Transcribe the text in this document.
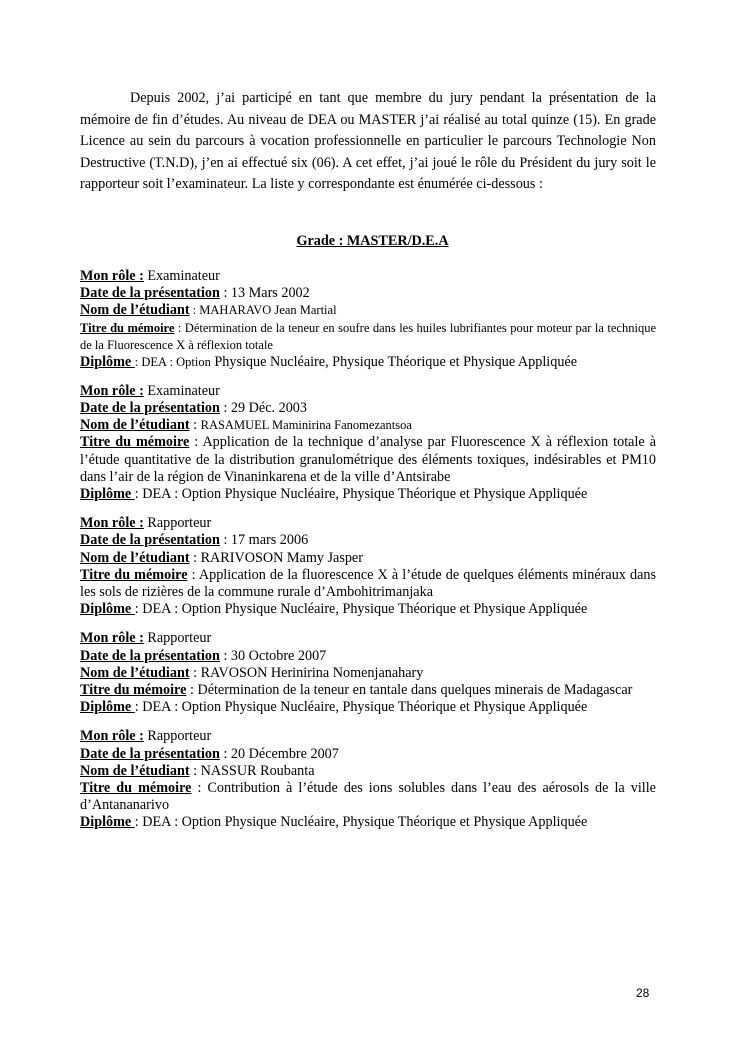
Depuis 2002, j’ai participé en tant que membre du jury pendant la présentation de la mémoire de fin d’études. Au niveau de DEA ou MASTER j’ai réalisé au total quinze (15). En grade Licence au sein du parcours à vocation professionnelle en particulier le parcours Technologie Non Destructive (T.N.D), j’en ai effectué six (06). A cet effet, j’ai joué le rôle du Président du jury soit le rapporteur soit l’examinateur. La liste y correspondante est énumérée ci-dessous :

Grade : MASTER/D.E.A
Mon rôle : Examinateur
Date de la présentation : 13 Mars 2002
Nom de l’étudiant : MAHARAVO Jean Martial
Titre du mémoire : Détermination de la teneur en soufre dans les huiles lubrifiantes pour moteur par la technique de la Fluorescence X à réflexion totale
Diplôme : DEA : Option Physique Nucléaire, Physique Théorique et Physique Appliquée
Mon rôle : Examinateur
Date de la présentation : 29 Déc. 2003
Nom de l’étudiant : RASAMUEL Maminirina Fanomezantsoa
Titre du mémoire : Application de la technique d’analyse par Fluorescence X à réflexion totale à l’étude quantitative de la distribution granulométrique des éléments toxiques, indésirables et PM10 dans l’air de la région de Vinaninkarena et de la ville d’Antsirabe
Diplôme : DEA : Option Physique Nucléaire, Physique Théorique et Physique Appliquée
Mon rôle : Rapporteur
Date de la présentation : 17 mars 2006
Nom de l’étudiant : RARIVOSON Mamy Jasper
Titre du mémoire : Application de la fluorescence X à l’étude de quelques éléments minéraux dans les sols de rizières de la commune rurale d’Ambohitrimanjaka
Diplôme : DEA : Option Physique Nucléaire, Physique Théorique et Physique Appliquée
Mon rôle : Rapporteur
Date de la présentation : 30 Octobre 2007
Nom de l’étudiant : RAVOSON Herinirina Nomenjanahary
Titre du mémoire : Détermination de la teneur en tantale dans quelques minerais de Madagascar
Diplôme : DEA : Option Physique Nucléaire, Physique Théorique et Physique Appliquée
Mon rôle : Rapporteur
Date de la présentation : 20 Décembre 2007
Nom de l’étudiant : NASSUR Roubanta
Titre du mémoire : Contribution à l’étude des ions solubles dans l’eau des aérosols de la ville d’Antananarivo
Diplôme : DEA : Option Physique Nucléaire, Physique Théorique et Physique Appliquée
28
